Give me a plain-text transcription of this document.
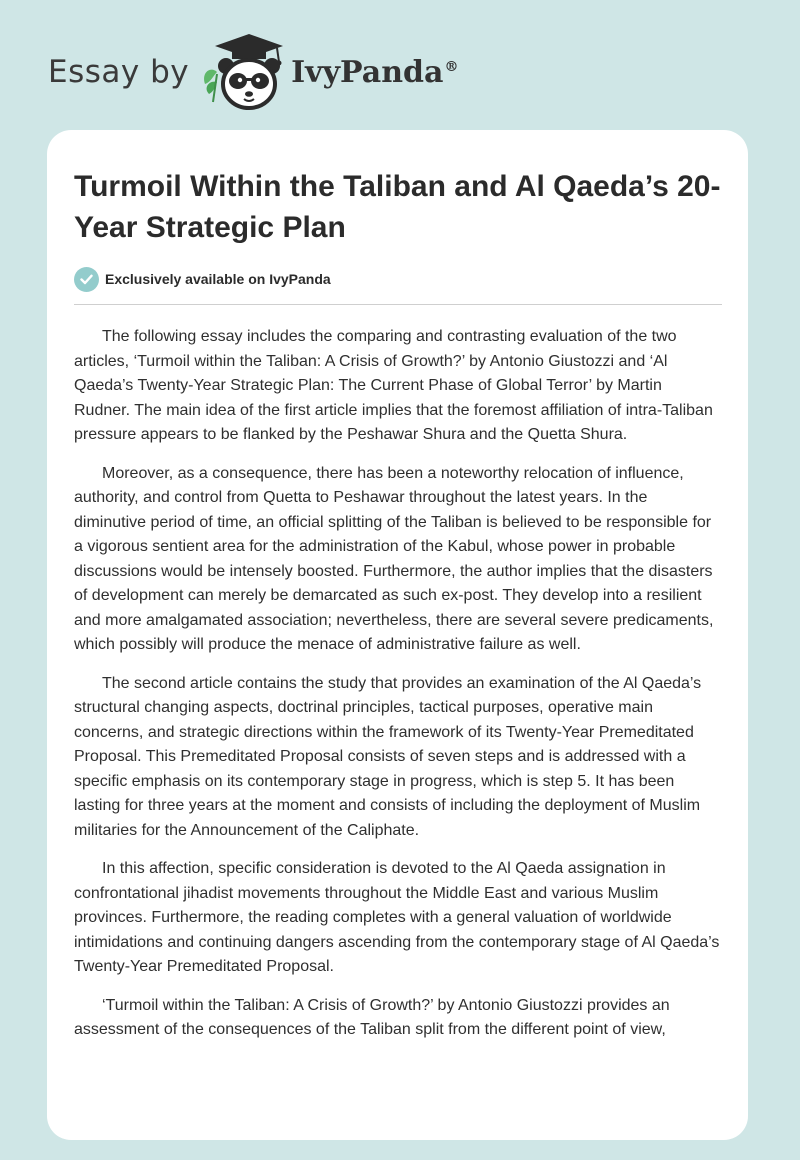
Essay by	IvyPanda®
Turmoil Within the Taliban and Al Qaeda’s 20-Year Strategic Plan
Exclusively available on IvyPanda

The following essay includes the comparing and contrasting evaluation of the two articles, ‘Turmoil within the Taliban: A Crisis of Growth?’ by Antonio Giustozzi and ‘Al Qaeda’s Twenty-Year Strategic Plan: The Current Phase of Global Terror’ by Martin Rudner. The main idea of the first article implies that the foremost affiliation of intra-Taliban pressure appears to be flanked by the Peshawar Shura and the Quetta Shura.

Moreover, as a consequence, there has been a noteworthy relocation of influence, authority, and control from Quetta to Peshawar throughout the latest years. In the diminutive period of time, an official splitting of the Taliban is believed to be responsible for a vigorous sentient area for the administration of the Kabul, whose power in probable discussions would be intensely boosted. Furthermore, the author implies that the disasters of development can merely be demarcated as such ex-post. They develop into a resilient and more amalgamated association; nevertheless, there are several severe predicaments, which possibly will produce the menace of administrative failure as well.

The second article contains the study that provides an examination of the Al Qaeda’s structural changing aspects, doctrinal principles, tactical purposes, operative main concerns, and strategic directions within the framework of its Twenty-Year Premeditated Proposal. This Premeditated Proposal consists of seven steps and is addressed with a specific emphasis on its contemporary stage in progress, which is step 5. It has been lasting for three years at the moment and consists of including the deployment of Muslim militaries for the Announcement of the Caliphate.

In this affection, specific consideration is devoted to the Al Qaeda assignation in confrontational jihadist movements throughout the Middle East and various Muslim provinces. Furthermore, the reading completes with a general valuation of worldwide intimidations and continuing dangers ascending from the contemporary stage of Al Qaeda’s Twenty-Year Premeditated Proposal.

‘Turmoil within the Taliban: A Crisis of Growth?’ by Antonio Giustozzi provides an assessment of the consequences of the Taliban split from the different point of view,
